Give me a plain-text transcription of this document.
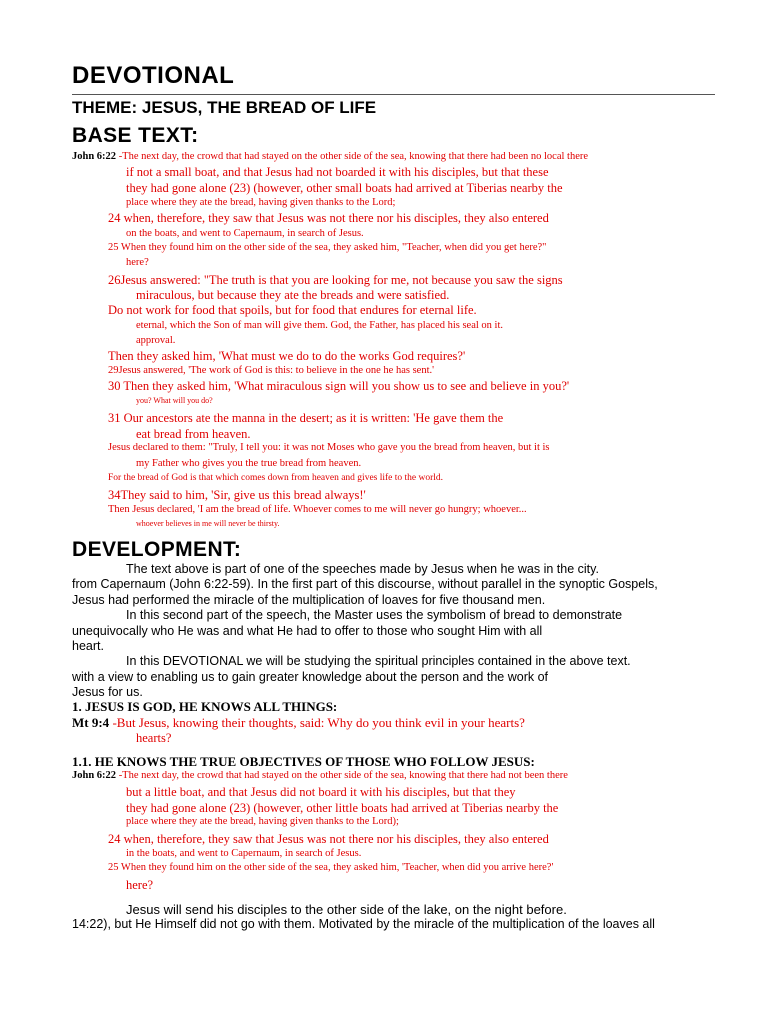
DEVOTIONAL
THEME: JESUS, THE BREAD OF LIFE
BASE TEXT:
John 6:22 -The next day, the crowd that had stayed on the other side of the sea, knowing that there had been no local there
if not a small boat, and that Jesus had not boarded it with his disciples, but that these
they had gone alone (23) (however, other small boats had arrived at Tiberias nearby the
place where they ate the bread, having given thanks to the Lord;
24 when, therefore, they saw that Jesus was not there nor his disciples, they also entered
on the boats, and went to Capernaum, in search of Jesus.
25 When they found him on the other side of the sea, they asked him, "Teacher, when did you get here?"
here?
26Jesus answered: "The truth is that you are looking for me, not because you saw the signs
miraculous, but because they ate the breads and were satisfied.
Do not work for food that spoils, but for food that endures for eternal life.
eternal, which the Son of man will give them. God, the Father, has placed his seal on it.
approval.
Then they asked him, 'What must we do to do the works God requires?'
29Jesus answered, 'The work of God is this: to believe in the one he has sent.'
30 Then they asked him, 'What miraculous sign will you show us to see and believe in you?'
you? What will you do?
31 Our ancestors ate the manna in the desert; as it is written: 'He gave them the
eat bread from heaven.
Jesus declared to them: "Truly, I tell you: it was not Moses who gave you the bread from heaven, but it is
my Father who gives you the true bread from heaven.
For the bread of God is that which comes down from heaven and gives life to the world.
34They said to him, 'Sir, give us this bread always!'
Then Jesus declared, 'I am the bread of life. Whoever comes to me will never go hungry; whoever...
whoever believes in me will never be thirsty.
DEVELOPMENT:
The text above is part of one of the speeches made by Jesus when he was in the city.
from Capernaum (John 6:22-59). In the first part of this discourse, without parallel in the synoptic Gospels,
Jesus had performed the miracle of the multiplication of loaves for five thousand men.
In this second part of the speech, the Master uses the symbolism of bread to demonstrate
unequivocally who He was and what He had to offer to those who sought Him with all
heart.
In this DEVOTIONAL we will be studying the spiritual principles contained in the above text.
with a view to enabling us to gain greater knowledge about the person and the work of
Jesus for us.
1. JESUS IS GOD, HE KNOWS ALL THINGS:
Mt 9:4 -But Jesus, knowing their thoughts, said: Why do you think evil in your hearts?
hearts?
1.1. HE KNOWS THE TRUE OBJECTIVES OF THOSE WHO FOLLOW JESUS:
John 6:22 -The next day, the crowd that had stayed on the other side of the sea, knowing that there had not been there
but a little boat, and that Jesus did not board it with his disciples, but that they
they had gone alone (23) (however, other little boats had arrived at Tiberias nearby the
place where they ate the bread, having given thanks to the Lord);
24 when, therefore, they saw that Jesus was not there nor his disciples, they also entered
in the boats, and went to Capernaum, in search of Jesus.
25 When they found him on the other side of the sea, they asked him, 'Teacher, when did you arrive here?'
here?
Jesus will send his disciples to the other side of the lake, on the night before.
14:22), but He Himself did not go with them. Motivated by the miracle of the multiplication of the loaves all
